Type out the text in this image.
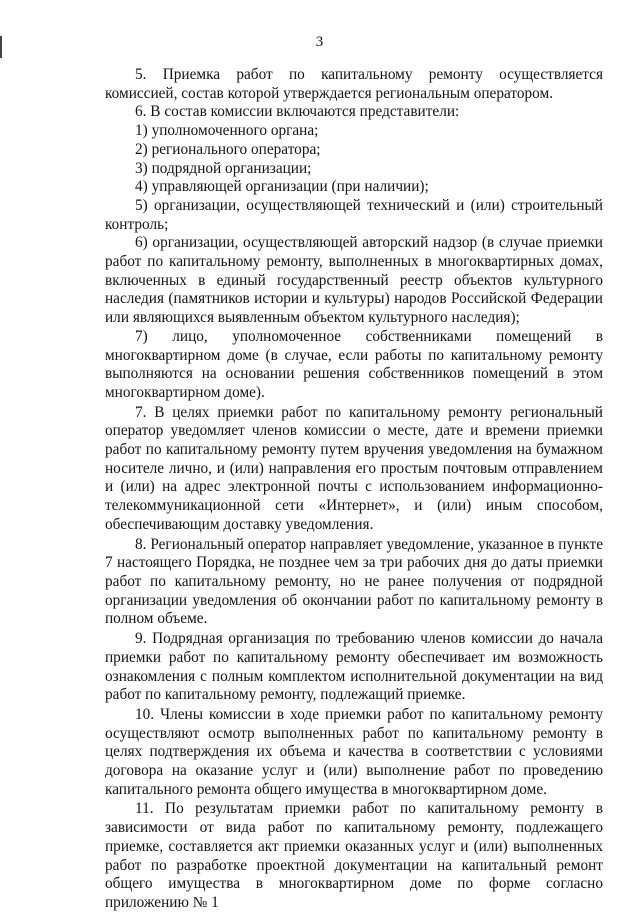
3

5. Приемка работ по капитальному ремонту осуществляется комиссией, состав которой утверждается региональным оператором.

6. В состав комиссии включаются представители:

1) уполномоченного органа;

2) регионального оператора;

3) подрядной организации;

4) управляющей организации (при наличии);

5) организации, осуществляющей технический и (или) строительный контроль;

6) организации, осуществляющей авторский надзор (в случае приемки работ по капитальному ремонту, выполненных в многоквартирных домах, включенных в единый государственный реестр объектов культурного наследия (памятников истории и культуры) народов Российской Федерации или являющихся выявленным объектом культурного наследия);

7) лицо, уполномоченное собственниками помещений в многоквартирном доме (в случае, если работы по капитальному ремонту выполняются на основании решения собственников помещений в этом многоквартирном доме).

7. В целях приемки работ по капитальному ремонту региональный оператор уведомляет членов комиссии о месте, дате и времени приемки работ по капитальному ремонту путем вручения уведомления на бумажном носителе лично, и (или) направления его простым почтовым отправлением и (или) на адрес электронной почты с использованием информационно-телекоммуникационной сети «Интернет», и (или) иным способом, обеспечивающим доставку уведомления.

8. Региональный оператор направляет уведомление, указанное в пункте 7 настоящего Порядка, не позднее чем за три рабочих дня до даты приемки работ по капитальному ремонту, но не ранее получения от подрядной организации уведомления об окончании работ по капитальному ремонту в полном объеме.

9. Подрядная организация по требованию членов комиссии до начала приемки работ по капитальному ремонту обеспечивает им возможность ознакомления с полным комплектом исполнительной документации на вид работ по капитальному ремонту, подлежащий приемке.

10. Члены комиссии в ходе приемки работ по капитальному ремонту осуществляют осмотр выполненных работ по капитальному ремонту в целях подтверждения их объема и качества в соответствии с условиями договора на оказание услуг и (или) выполнение работ по проведению капитального ремонта общего имущества в многоквартирном доме.

11. По результатам приемки работ по капитальному ремонту в зависимости от вида работ по капитальному ремонту, подлежащего приемке, составляется акт приемки оказанных услуг и (или) выполненных работ по разработке проектной документации на капитальный ремонт общего имущества в многоквартирном доме по форме согласно приложению № 1
